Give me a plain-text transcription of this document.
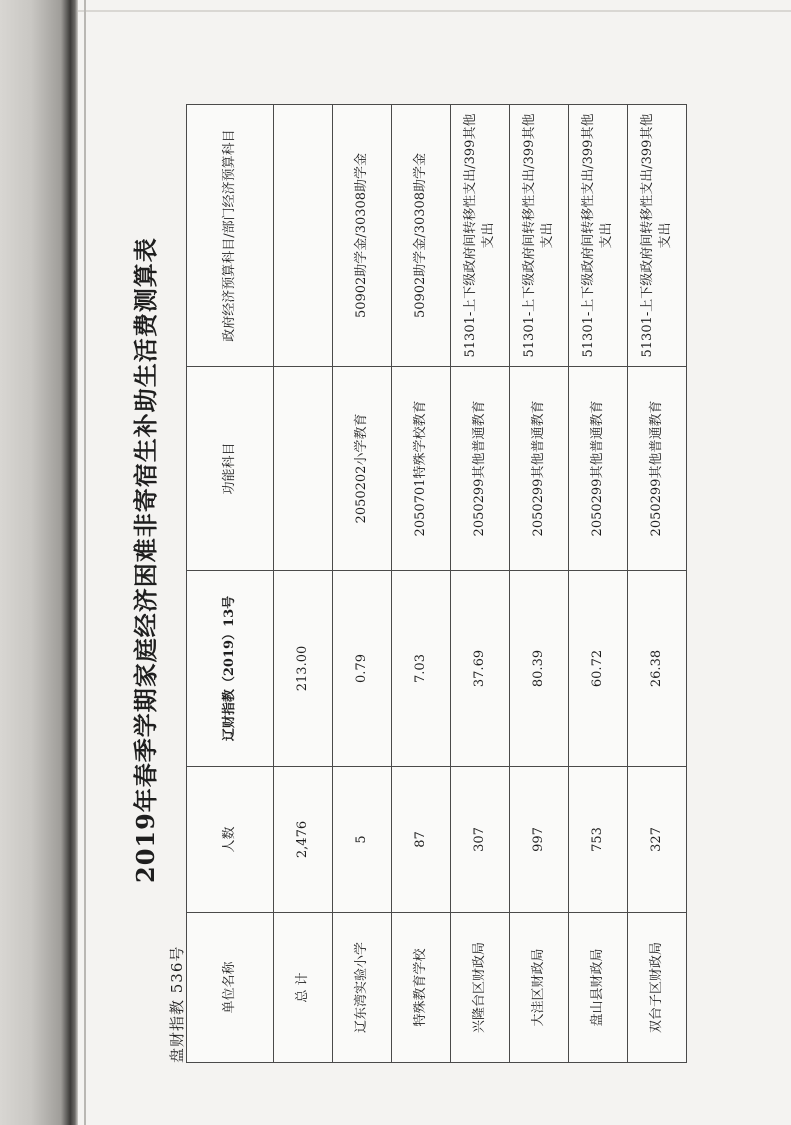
盘财指教 536号
2019年春季学期家庭经济困难非寄宿生补助生活费测算表
单位名称	人数	辽财指教（2019）13号	功能科目	政府经济预算科目/部门经济预算科目
总 计	2,476	213.00		
辽东湾实验小学	5	0.79	2050202小学教育	50902助学金/30308助学金
特殊教育学校	87	7.03	2050701特殊学校教育	50902助学金/30308助学金
兴隆台区财政局	307	37.69	2050299其他普通教育	51301-上下级政府间转移性支出/399其他支出
大洼区财政局	997	80.39	2050299其他普通教育	51301-上下级政府间转移性支出/399其他支出
盘山县财政局	753	60.72	2050299其他普通教育	51301-上下级政府间转移性支出/399其他支出
双台子区财政局	327	26.38	2050299其他普通教育	51301-上下级政府间转移性支出/399其他支出
